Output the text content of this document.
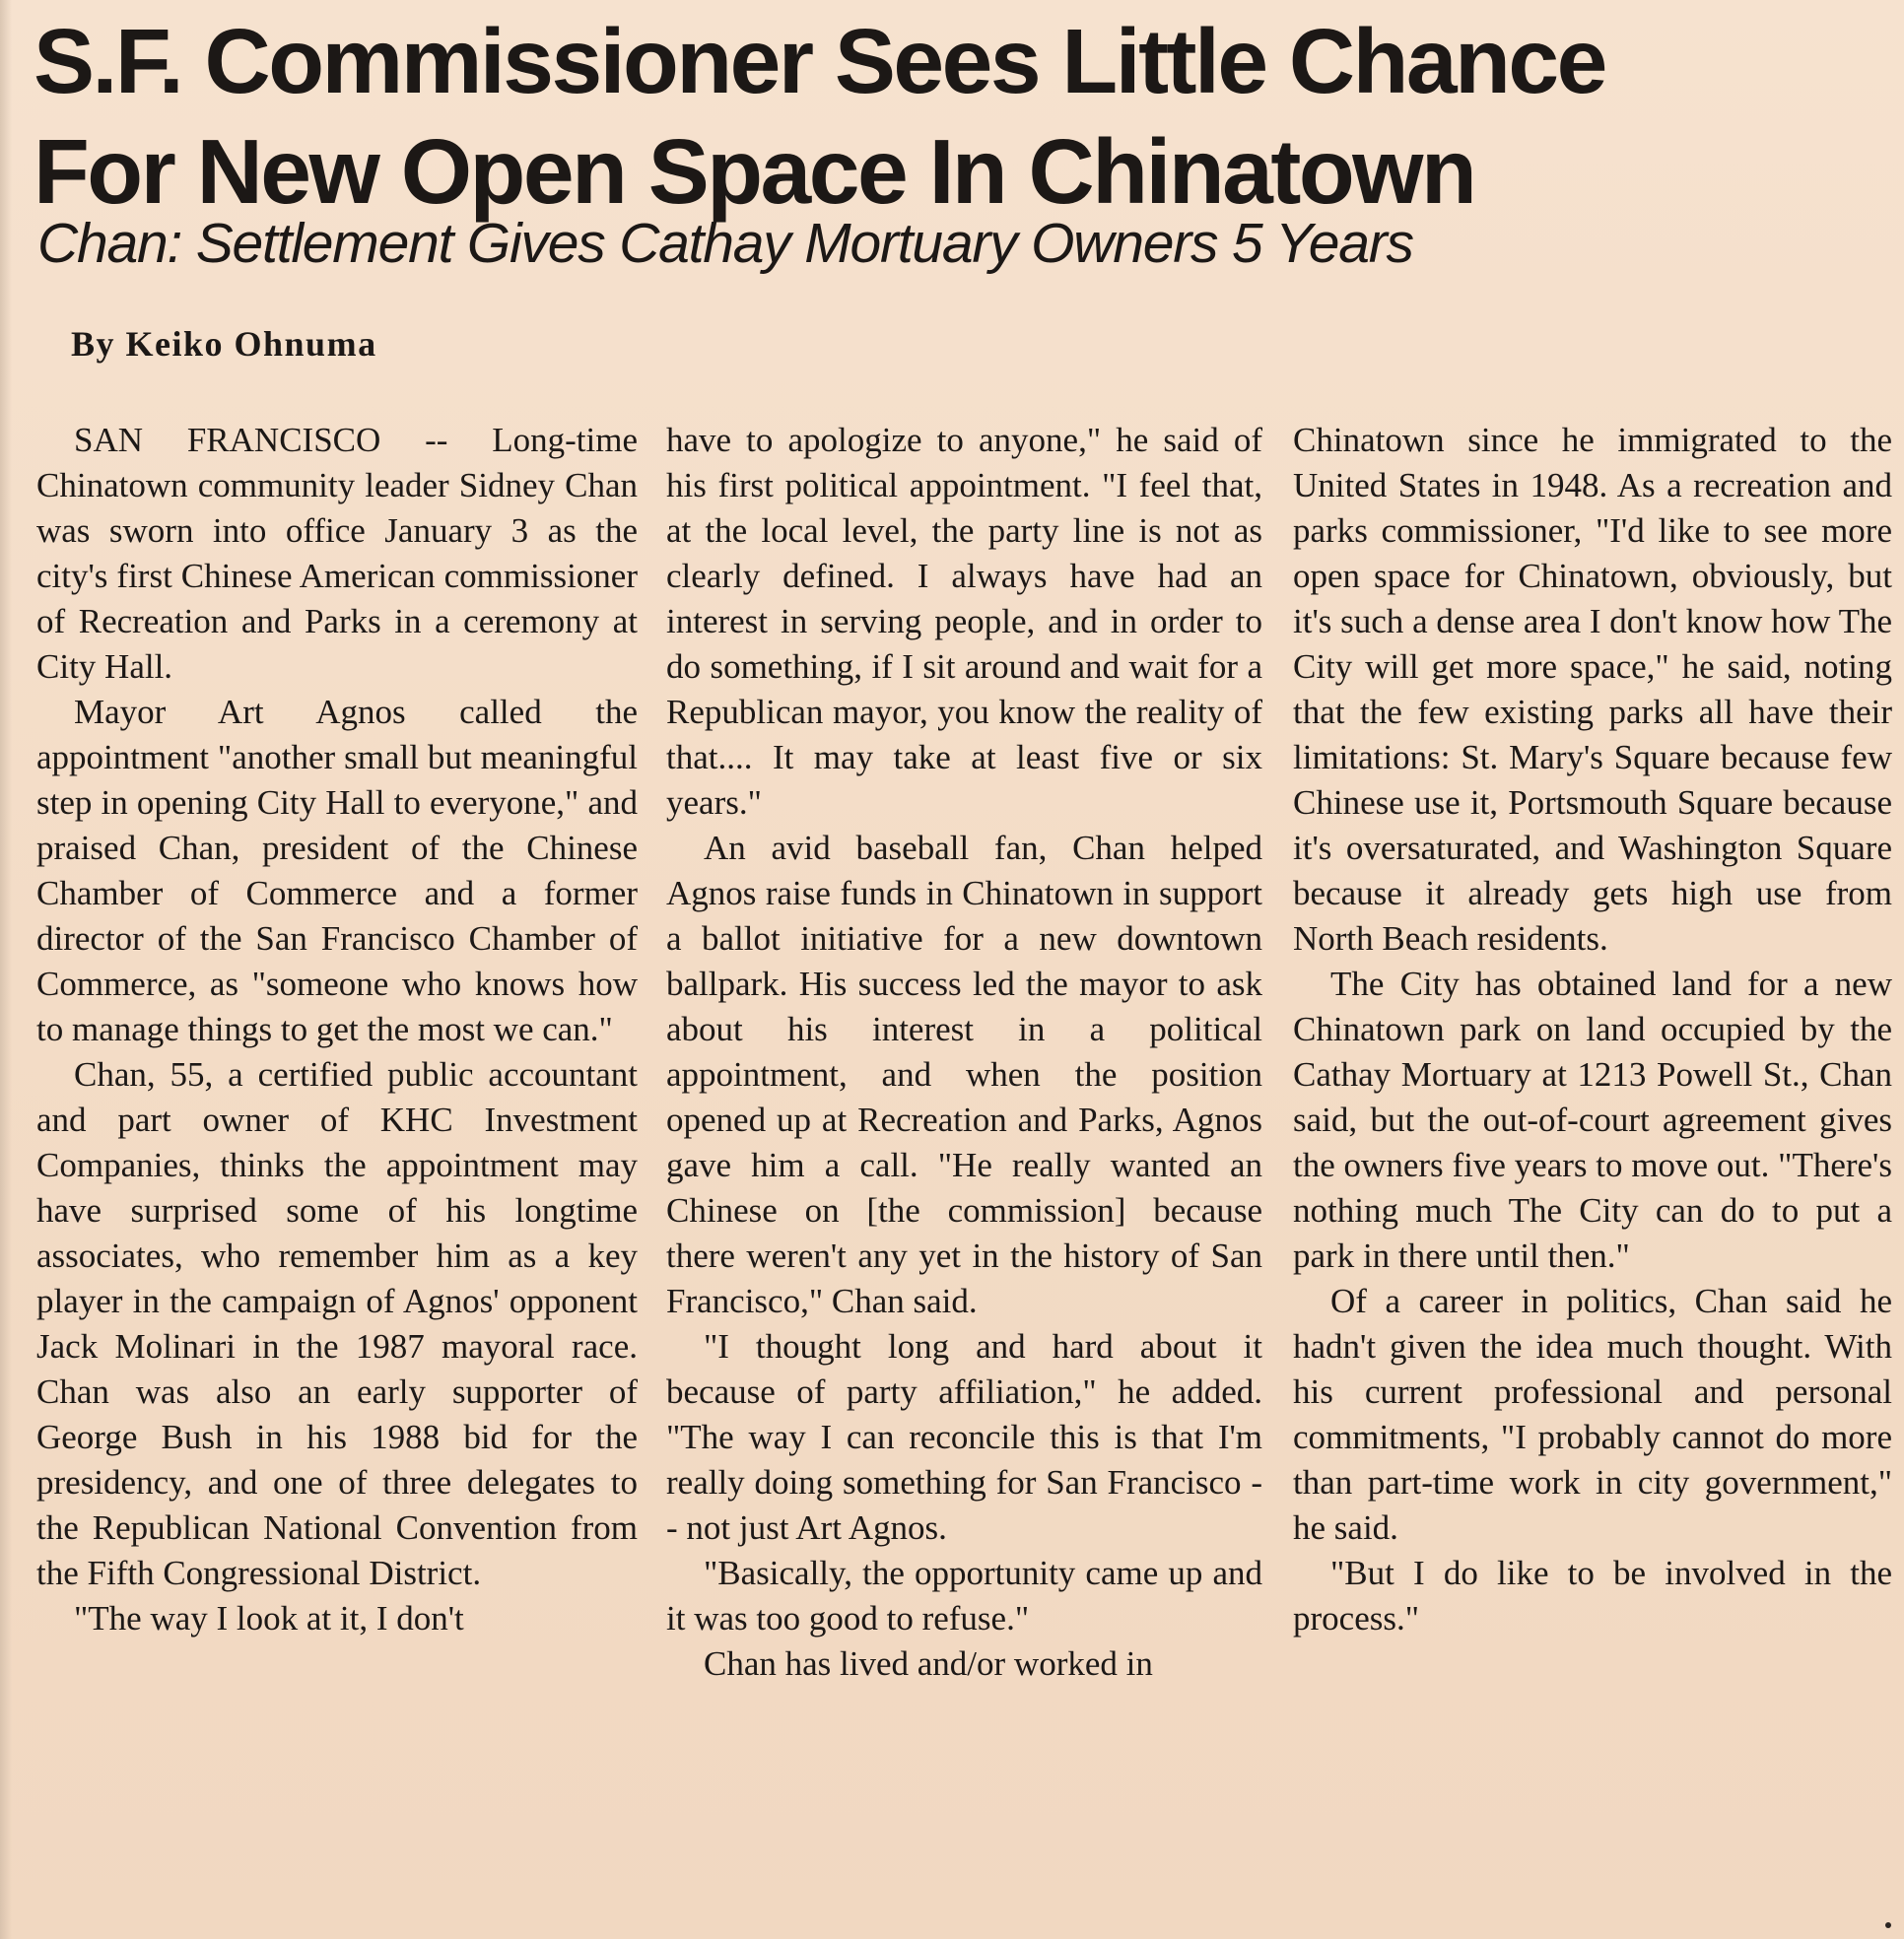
S.F. Commissioner Sees Little Chance
For New Open Space In Chinatown
Chan: Settlement Gives Cathay Mortuary Owners 5 Years
By Keiko Ohnuma

SAN FRANCISCO -- Long-time Chinatown community leader Sidney Chan was sworn into office January 3 as the city's first Chinese American commissioner of Recreation and Parks in a ceremony at City Hall.

Mayor Art Agnos called the appointment "another small but meaningful step in opening City Hall to everyone," and praised Chan, president of the Chinese Chamber of Commerce and a former director of the San Francisco Chamber of Commerce, as "someone who knows how to manage things to get the most we can."

Chan, 55, a certified public accountant and part owner of KHC Investment Companies, thinks the appointment may have surprised some of his longtime associates, who remember him as a key player in the campaign of Agnos' opponent Jack Molinari in the 1987 mayoral race. Chan was also an early supporter of George Bush in his 1988 bid for the presidency, and one of three delegates to the Republican National Convention from the Fifth Congressional District.

"The way I look at it, I don't

have to apologize to anyone," he said of his first political appointment. "I feel that, at the local level, the party line is not as clearly defined. I always have had an interest in serving people, and in order to do something, if I sit around and wait for a Republican mayor, you know the reality of that.... It may take at least five or six years."

An avid baseball fan, Chan helped Agnos raise funds in Chinatown in support a ballot initiative for a new downtown ballpark. His success led the mayor to ask about his interest in a political appointment, and when the position opened up at Recreation and Parks, Agnos gave him a call. "He really wanted an Chinese on [the commission] because there weren't any yet in the history of San Francisco," Chan said.

"I thought long and hard about it because of party affiliation," he added. "The way I can reconcile this is that I'm really doing something for San Francisco -- not just Art Agnos.

"Basically, the opportunity came up and it was too good to refuse."

Chan has lived and/or worked in

Chinatown since he immigrated to the United States in 1948. As a recreation and parks commissioner, "I'd like to see more open space for Chinatown, obviously, but it's such a dense area I don't know how The City will get more space," he said, noting that the few existing parks all have their limitations: St. Mary's Square because few Chinese use it, Portsmouth Square because it's oversaturated, and Washington Square because it already gets high use from North Beach residents.

The City has obtained land for a new Chinatown park on land occupied by the Cathay Mortuary at 1213 Powell St., Chan said, but the out-of-court agreement gives the owners five years to move out. "There's nothing much The City can do to put a park in there until then."

Of a career in politics, Chan said he hadn't given the idea much thought. With his current professional and personal commitments, "I probably cannot do more than part-time work in city government," he said.

"But I do like to be involved in the process."
